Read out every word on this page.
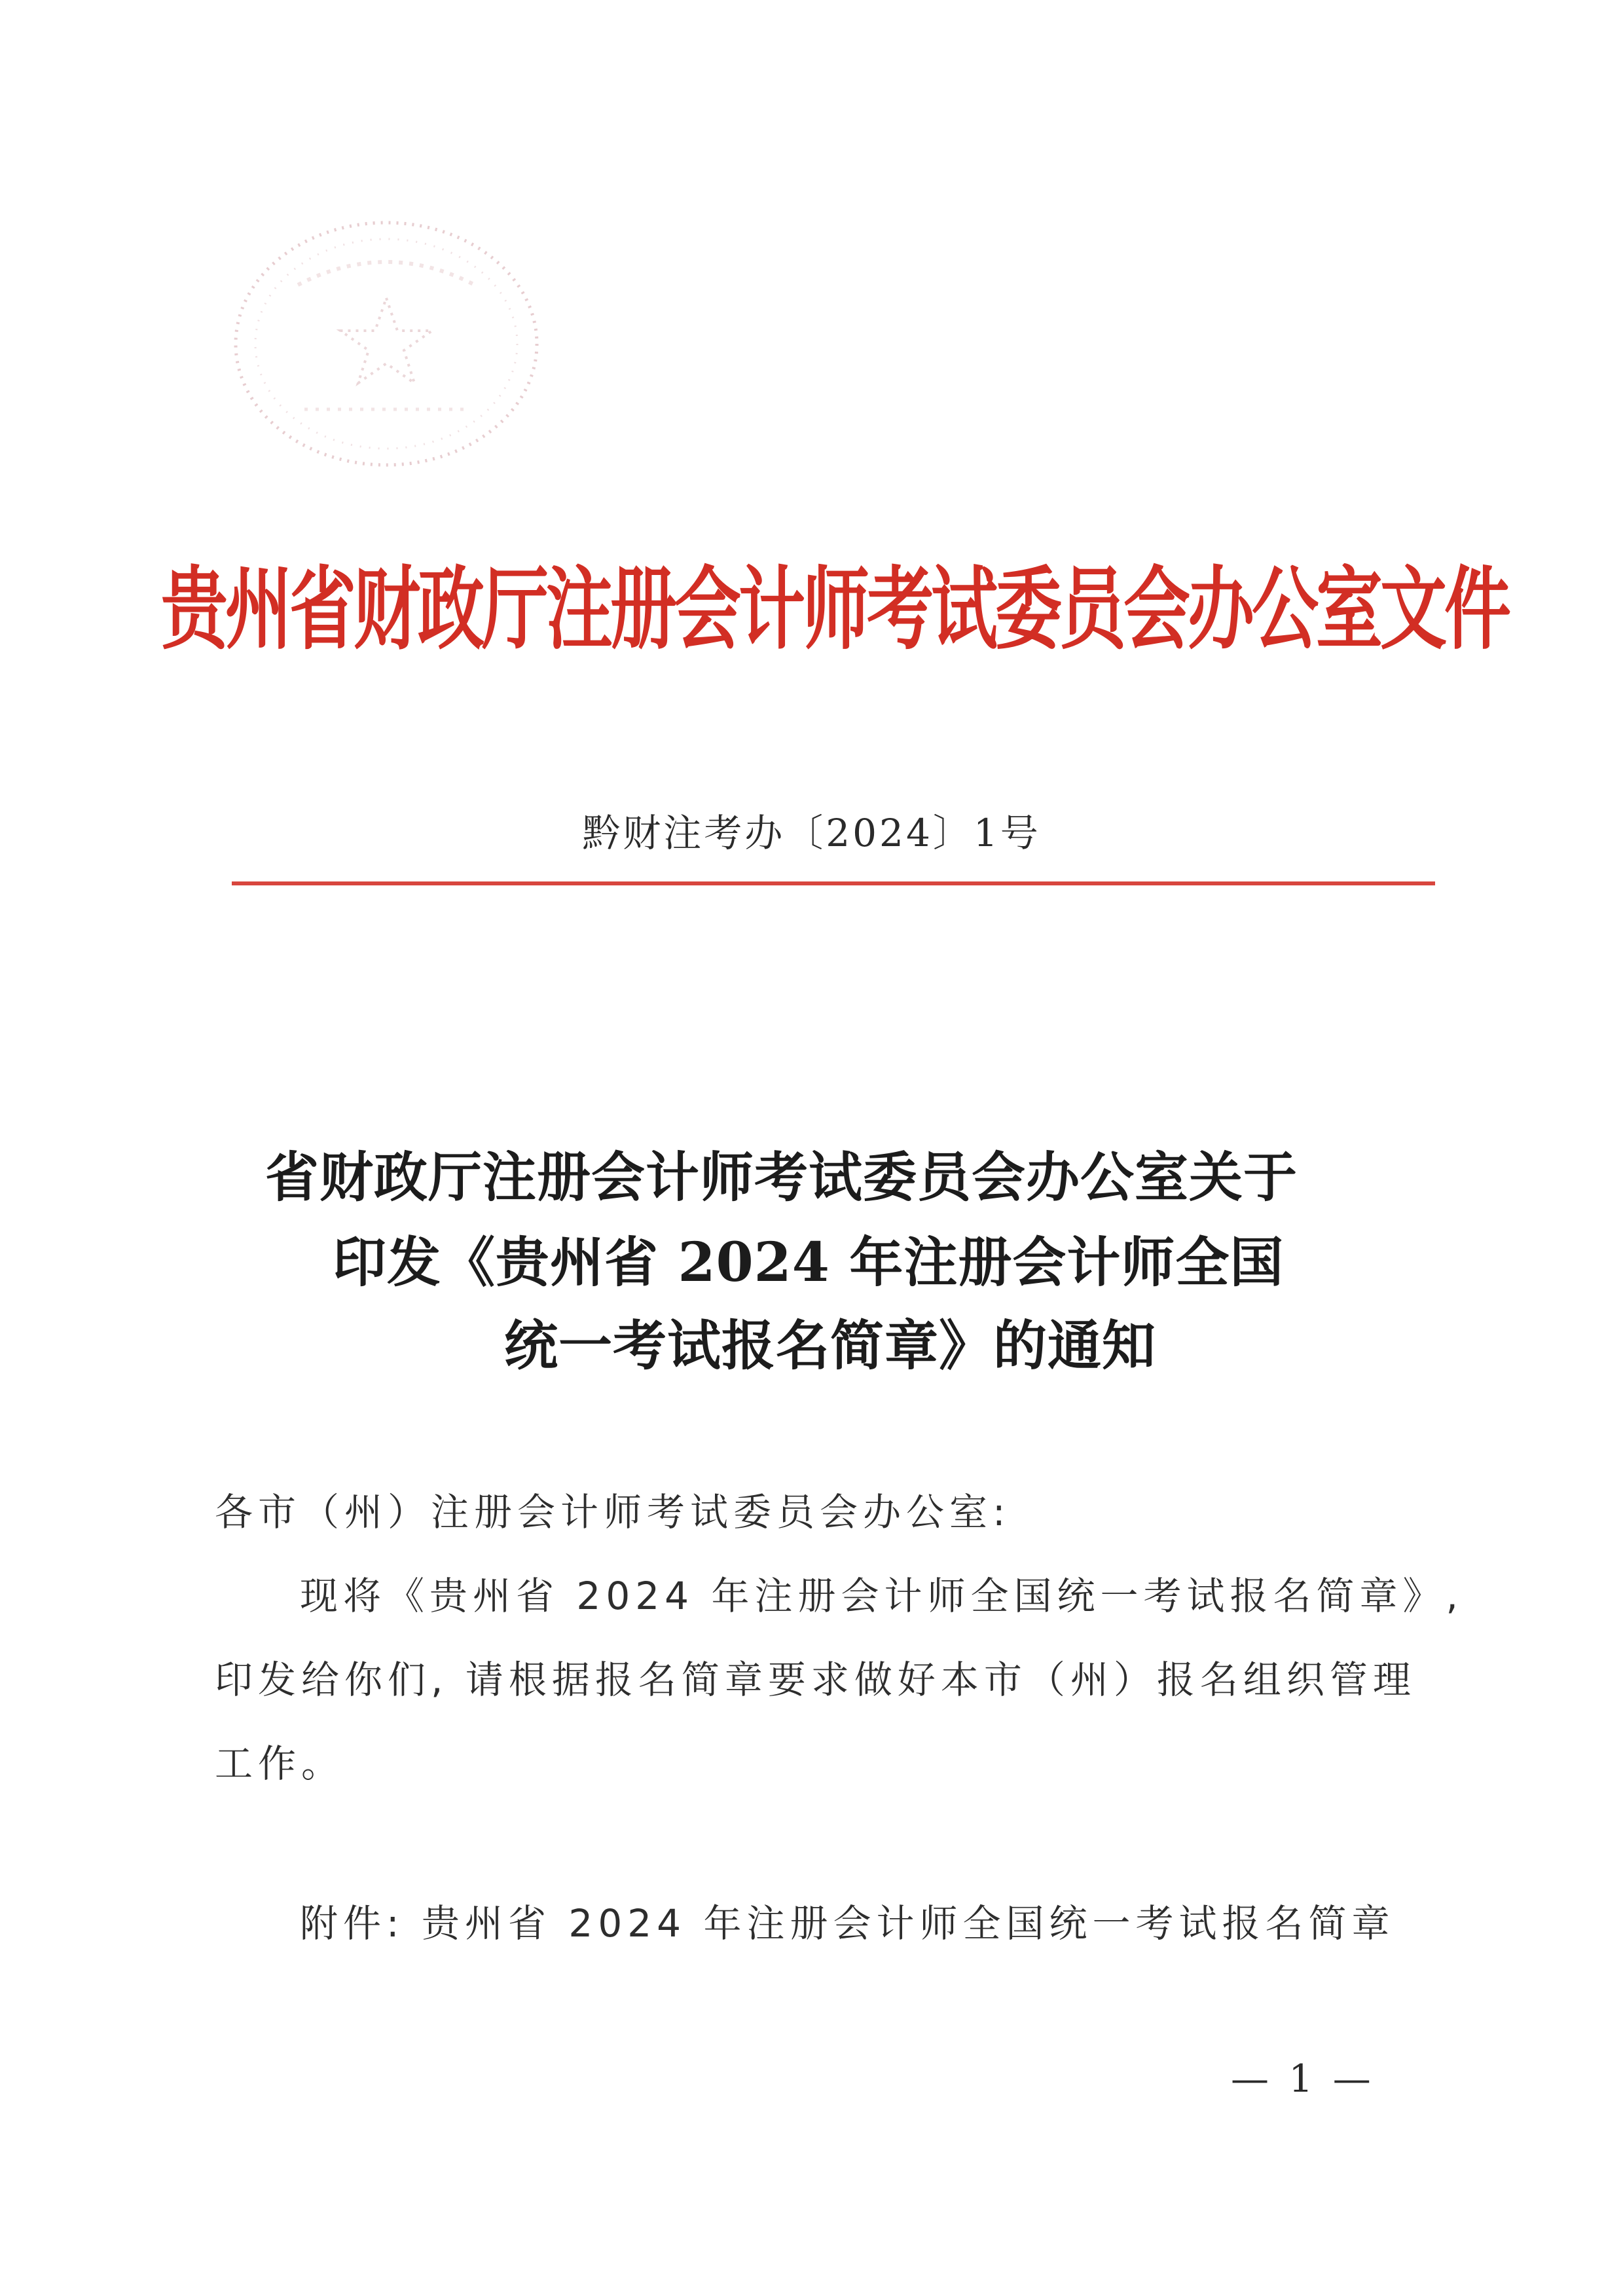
贵州省财政厅注册会计师考试委员会办公室文件
黔财注考办〔2024〕1号
省财政厅注册会计师考试委员会办公室关于
印发《贵州省 2024 年注册会计师全国
统一考试报名简章》的通知
各市（州）注册会计师考试委员会办公室:
现将《贵州省 2024 年注册会计师全国统一考试报名简章》,
印发给你们, 请根据报名简章要求做好本市（州）报名组织管理
工作。
附件: 贵州省 2024 年注册会计师全国统一考试报名简章
— 1 —
